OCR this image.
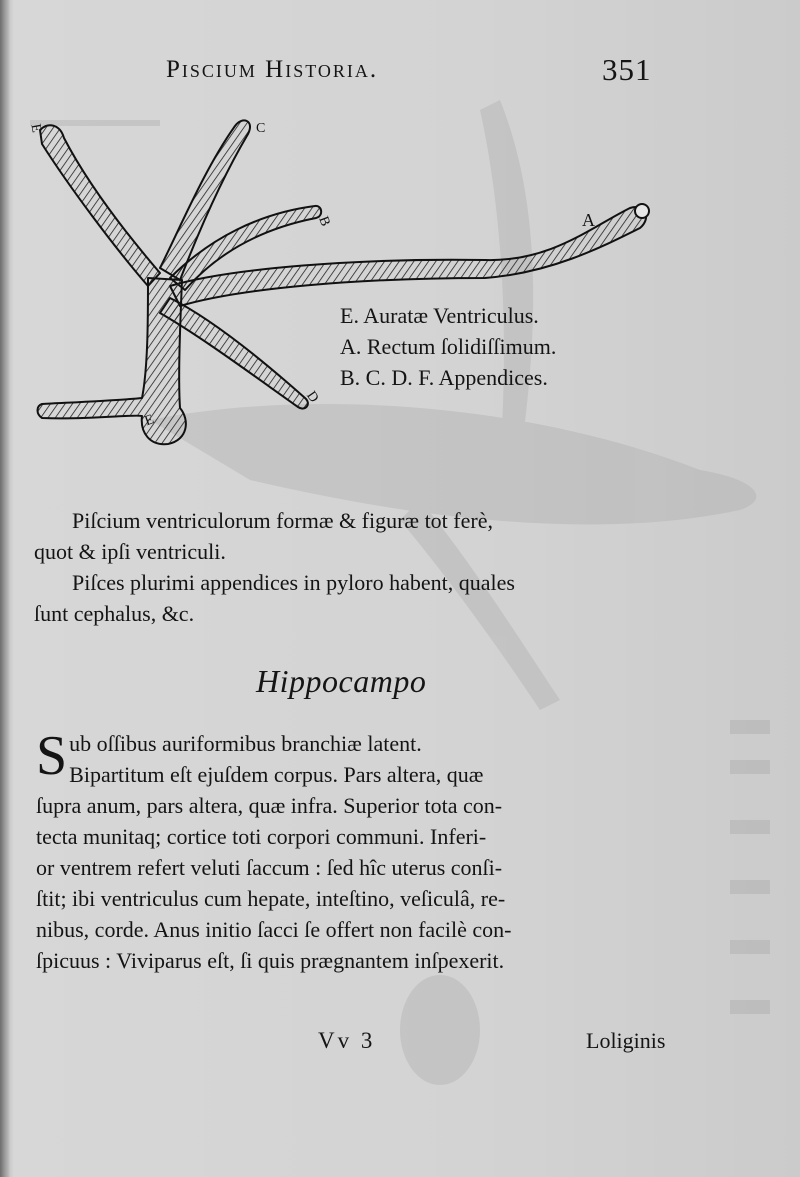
Piscium Historia.	351
E	C
B	A
D
E
E. Auratæ Ventriculus.
A. Rectum ſolidiſſimum.
B. C. D. F. Appendices.
Piſcium ventriculorum formæ & figuræ tot ferè,
quot & ipſi ventriculi.
Piſces plurimi appendices in pyloro habent, quales
ſunt cephalus, &c.
Hippocampo
S ub oſſibus auriformibus branchiæ latent.
Bipartitum eſt ejuſdem corpus. Pars altera, quæ
ſupra anum, pars altera, quæ infra. Superior tota con-
tecta munitaq; cortice toti corpori communi. Inferi-
or ventrem refert veluti ſaccum : ſed hîc uterus conſi-
ſtit; ibi ventriculus cum hepate, inteſtino, veſiculâ, re-
nibus, corde. Anus initio ſacci ſe offert non facilè con-
ſpicuus : Viviparus eſt, ſi quis prægnantem inſpexerit.
Vv 3	Loliginis
